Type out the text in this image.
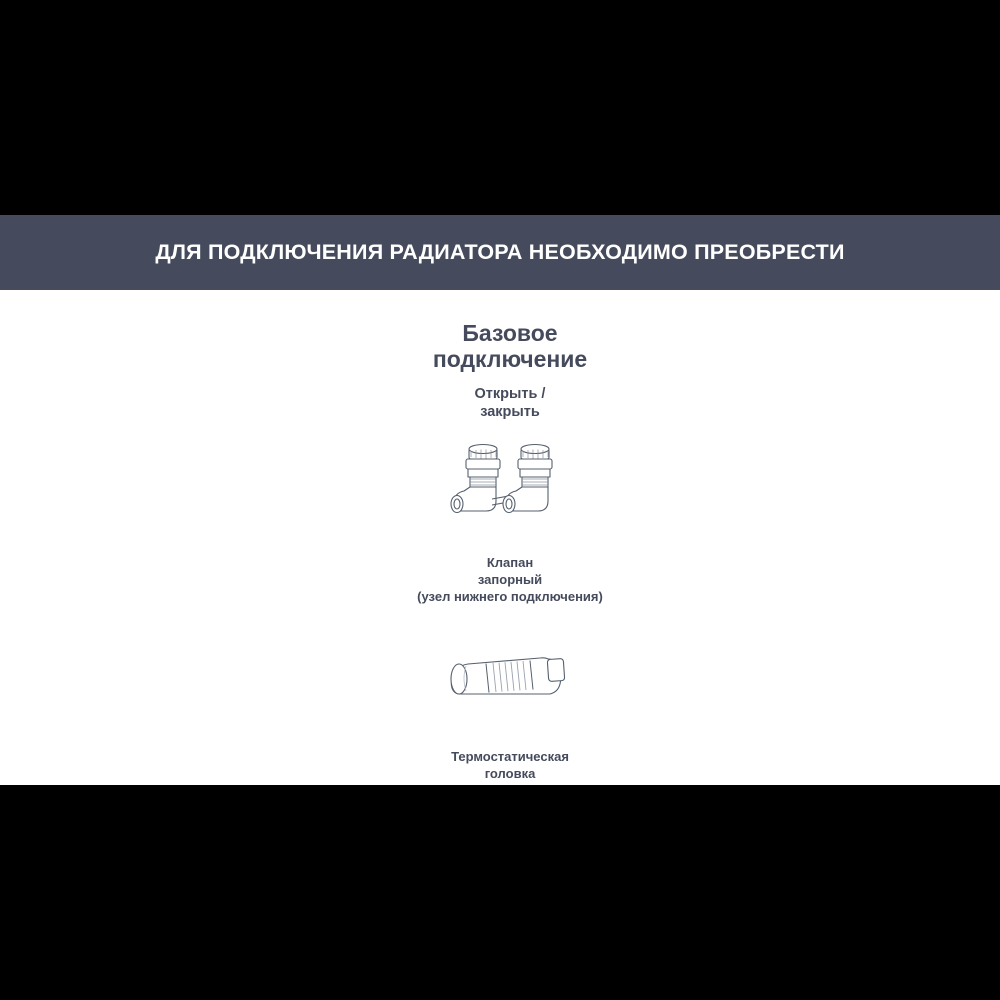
ДЛЯ ПОДКЛЮЧЕНИЯ РАДИАТОРА НЕОБХОДИМО ПРЕОБРЕСТИ
Базовое
подключение

Открыть /

закрыть

Клапан

запорный

(узел нижнего подключения)

Термостатическая

головка
